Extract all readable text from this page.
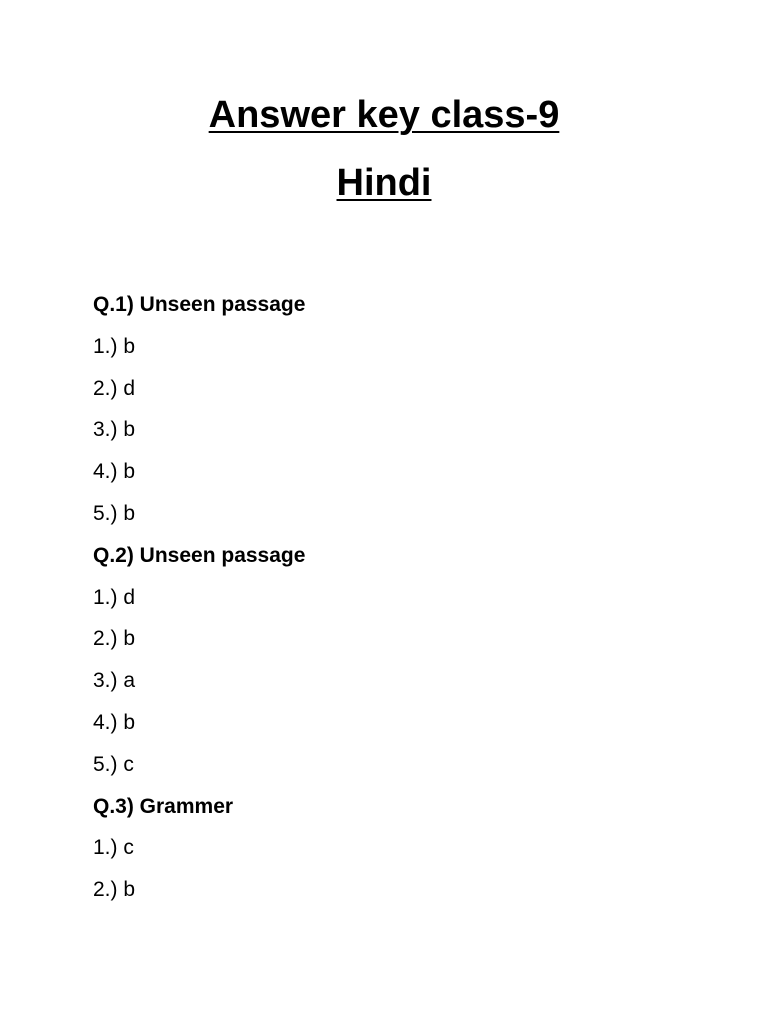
Answer key class-9
Hindi
Q.1) Unseen passage
1.) b
2.) d
3.) b
4.) b
5.) b
Q.2) Unseen passage
1.) d
2.) b
3.) a
4.) b
5.) c
Q.3) Grammer
1.) c
2.) b
